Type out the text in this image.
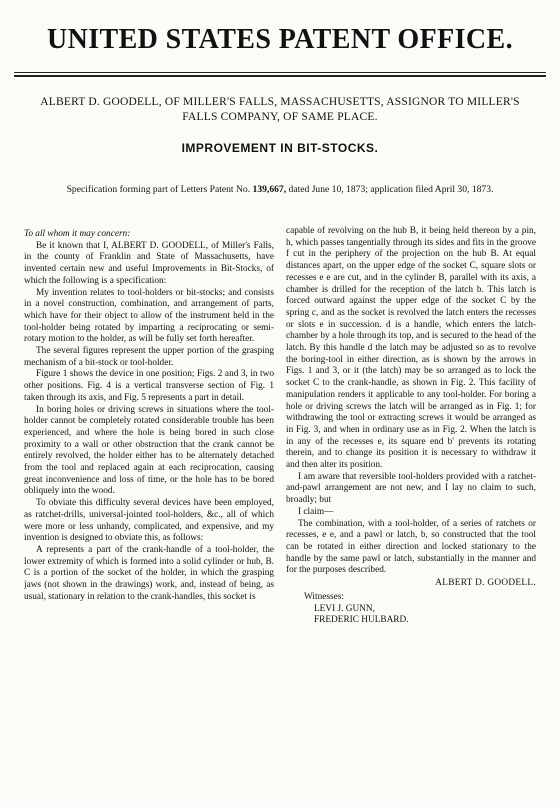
UNITED STATES PATENT OFFICE.
ALBERT D. GOODELL, OF MILLER'S FALLS, MASSACHUSETTS, ASSIGNOR TO MILLER'S FALLS COMPANY, OF SAME PLACE.
IMPROVEMENT IN BIT-STOCKS.
Specification forming part of Letters Patent No. 139,667, dated June 10, 1873; application filed April 30, 1873.

To all whom it may concern:

Be it known that I, ALBERT D. GOODELL, of Miller's Falls, in the county of Franklin and State of Massachusetts, have invented certain new and useful Improvements in Bit-Stocks, of which the following is a specification:

My invention relates to tool-holders or bit-stocks; and consists in a novel construction, combination, and arrangement of parts, which have for their object to allow of the instrument held in the tool-holder being rotated by imparting a reciprocating or semi-rotary motion to the holder, as will be fully set forth hereafter.

The several figures represent the upper portion of the grasping mechanism of a bit-stock or tool-holder.

Figure 1 shows the device in one position; Figs. 2 and 3, in two other positions. Fig. 4 is a vertical transverse section of Fig. 1 taken through its axis, and Fig. 5 represents a part in detail.

In boring holes or driving screws in situations where the tool-holder cannot be completely rotated considerable trouble has been experienced, and where the hole is being bored in such close proximity to a wall or other obstruction that the crank cannot be entirely revolved, the holder either has to be alternately detached from the tool and replaced again at each reciprocation, causing great inconvenience and loss of time, or the hole has to be bored obliquely into the wood.

To obviate this difficulty several devices have been employed, as ratchet-drills, universal-jointed tool-holders, &c., all of which were more or less unhandy, complicated, and expensive, and my invention is designed to obviate this, as follows:

A represents a part of the crank-handle of a tool-holder, the lower extremity of which is formed into a solid cylinder or hub, B. C is a portion of the socket of the holder, in which the grasping jaws (not shown in the drawings) work, and, instead of being, as usual, stationary in relation to the crank-handles, this socket is

capable of revolving on the hub B, it being held thereon by a pin, h, which passes tangentially through its sides and fits in the groove f cut in the periphery of the projection on the hub B. At equal distances apart, on the upper edge of the socket C, square slots or recesses e e are cut, and in the cylinder B, parallel with its axis, a chamber is drilled for the reception of the latch b. This latch is forced outward against the upper edge of the socket C by the spring c, and as the socket is revolved the latch enters the recesses or slots e in succession. d is a handle, which enters the latch-chamber by a hole through its top, and is secured to the head of the latch. By this handle d the latch may be adjusted so as to revolve the boring-tool in either direction, as is shown by the arrows in Figs. 1 and 3, or it (the latch) may be so arranged as to lock the socket C to the crank-handle, as shown in Fig. 2. This facility of manipulation renders it applicable to any tool-holder. For boring a hole or driving screws the latch will be arranged as in Fig. 1; for withdrawing the tool or extracting screws it would be arranged as in Fig. 3, and when in ordinary use as in Fig. 2. When the latch is in any of the recesses e, its square end b' prevents its rotating therein, and to change its position it is necessary to withdraw it and then alter its position.

I am aware that reversible tool-holders provided with a ratchet-and-pawl arrangement are not new, and I lay no claim to such, broadly; but

I claim—

The combination, with a tool-holder, of a series of ratchets or recesses, e e, and a pawl or latch, b, so constructed that the tool can be rotated in either direction and locked stationary to the handle by the same pawl or latch, substantially in the manner and for the purposes described.

ALBERT D. GOODELL.
Witnesses:
LEVI J. GUNN,
FREDERIC HULBARD.
